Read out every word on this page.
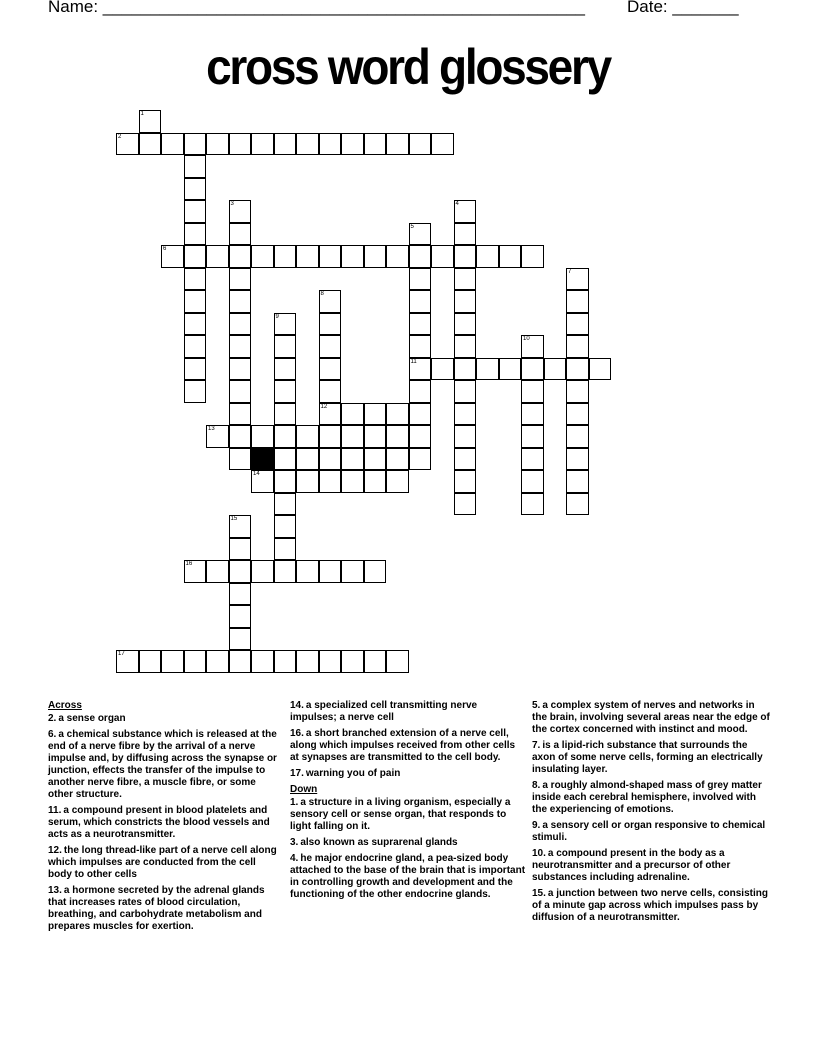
Name: ___________________________________________________ Date: _______
cross word glossery
1
2
3	4
5
11
6
7
8
12
9
10
13
14
15
16
17
Across
2. a sense organ
6. a chemical substance which is released at the end of a nerve fibre by the arrival of a nerve impulse and, by diffusing across the synapse or junction, effects the transfer of the impulse to another nerve fibre, a muscle fibre, or some other structure.
11. a compound present in blood platelets and serum, which constricts the blood vessels and acts as a neurotransmitter.
12. the long thread-like part of a nerve cell along which impulses are conducted from the cell body to other cells
13. a hormone secreted by the adrenal glands that increases rates of blood circulation, breathing, and carbohydrate metabolism and prepares muscles for exertion.
14. a specialized cell transmitting nerve impulses; a nerve cell
16. a short branched extension of a nerve cell, along which impulses received from other cells at synapses are transmitted to the cell body.
17. warning you of pain
Down
1. a structure in a living organism, especially a sensory cell or sense organ, that responds to light falling on it.
3. also known as suprarenal glands
4. he major endocrine gland, a pea-sized body attached to the base of the brain that is important in controlling growth and development and the functioning of the other endocrine glands.
5. a complex system of nerves and networks in the brain, involving several areas near the edge of the cortex concerned with instinct and mood.
7. is a lipid-rich substance that surrounds the axon of some nerve cells, forming an electrically insulating layer.
8. a roughly almond-shaped mass of grey matter inside each cerebral hemisphere, involved with the experiencing of emotions.
9. a sensory cell or organ responsive to chemical stimuli.
10. a compound present in the body as a neurotransmitter and a precursor of other substances including adrenaline.
15. a junction between two nerve cells, consisting of a minute gap across which impulses pass by diffusion of a neurotransmitter.
